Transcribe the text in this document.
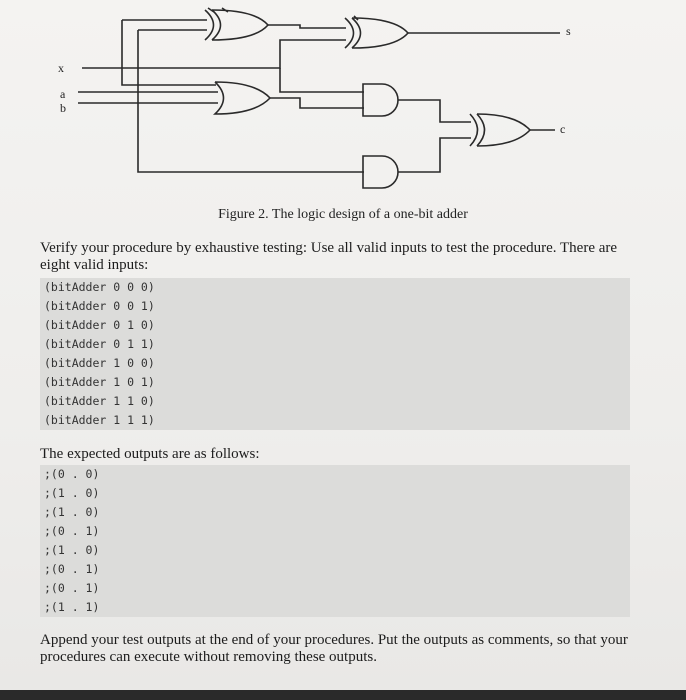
x
a
b
s
c
Figure 2. The logic design of a one-bit adder
Verify your procedure by exhaustive testing: Use all valid inputs to test the procedure. There are eight valid inputs:
(bitAdder 0 0 0)
(bitAdder 0 0 1)
(bitAdder 0 1 0)
(bitAdder 0 1 1)
(bitAdder 1 0 0)
(bitAdder 1 0 1)
(bitAdder 1 1 0)
(bitAdder 1 1 1)
The expected outputs are as follows:
;(0 . 0)
;(1 . 0)
;(1 . 0)
;(0 . 1)
;(1 . 0)
;(0 . 1)
;(0 . 1)
;(1 . 1)
Append your test outputs at the end of your procedures. Put the outputs as comments, so that your procedures can execute without removing these outputs.
